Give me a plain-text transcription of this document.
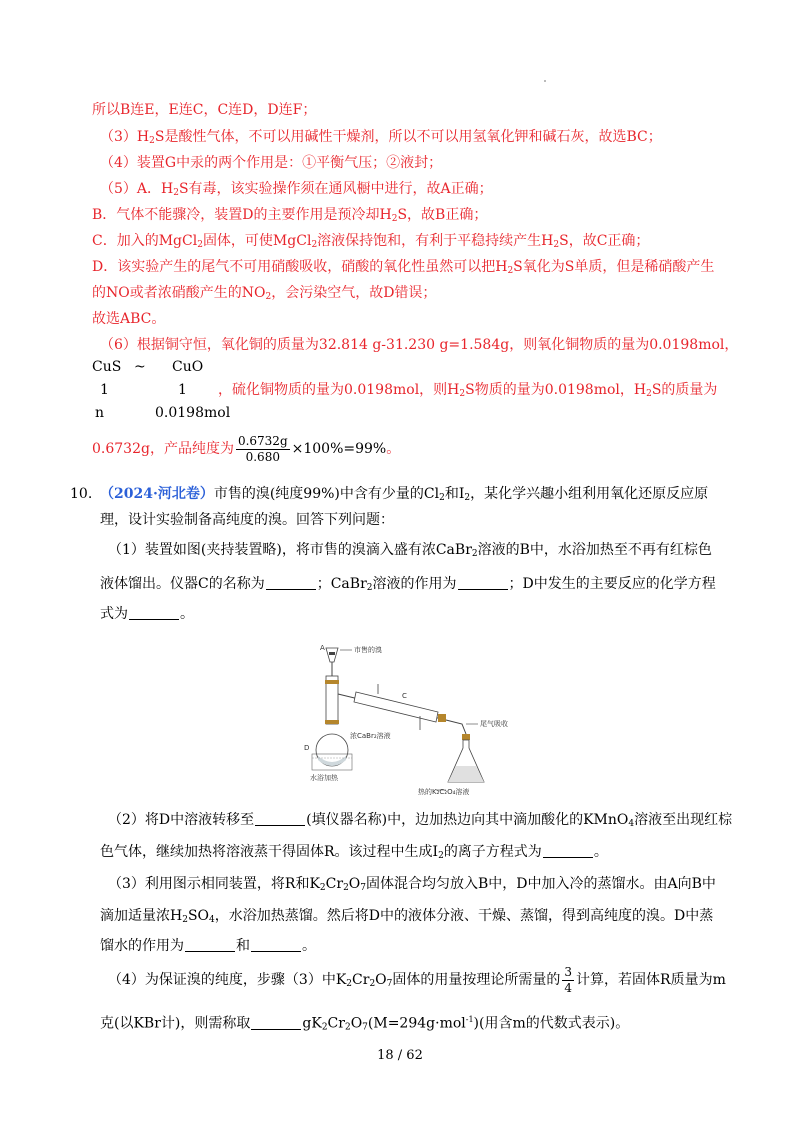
所以B连E，E连C，C连D，D连F；
$(3)H_2S$是酸性气体，不可以用碱性干燥剂，所以不可以用氢氧化钾和碱石灰，故选BC；
（4）装置G中汞的两个作用是：①平衡气压；②液封；
（5）A．$H_2S$有毒，该实验操作须在通风橱中进行，故A正确；
B．气体不能骤冷，装置D的主要作用是预冷却$H_2S$，故B正确；
C．加入的MgCl$_2$固体，可使MgCl$_2$溶液保持饱和，有利于平稳持续产生$H_2S$，故C正确；
D．该实验产生的尾气不可用硝酸吸收，硝酸的氧化性虽然可以把$H_2S$氧化为S单质，但是稀硝酸产生
的NO或者浓硝酸产生的$NO_2$，会污染空气，故D错误；
故选ABC。
（6）根据铜守恒，氧化铜的质量为32.814 g-31.230 g=1.584g，则氧化铜物质的量为0.0198mol，
CuS ~ CuO
1	1 ，硫化铜物质的量为0.0198mol，则$H_2S$物质的量为0.0198mol，$H_2S$的质量为
n	0.0198mol
0.6732g，产品纯度为 $\frac{0.6732g}{0.680} \times 100\%=99\%$。
10. （2024·河北卷）市售的溴(纯度99%)中含有少量的$Cl_2$和$I_2$，某化学兴趣小组利用氧化还原反应原
理，设计实验制备高纯度的溴。回答下列问题：
（1）装置如图(夹持装置略)，将市售的溴滴入盛有浓CaBr$_2$溶液的B中，水浴加热至不再有红棕色
液体馏出。仪器C的名称为	；CaBr$_2$溶液的作用为	；D中发生的主要反应的化学方程
式为	。
A	市售的溴
D
浓CaBr₂溶液
水浴加热
C
尾气吸收
热的K₂C₂O₄溶液
（2）将D中溶液转移至	(填仪器名称)中，边加热边向其中滴加酸化的KMnO$_4$溶液至出现红棕
色气体，继续加热将溶液蒸干得固体R。该过程中生成$I_2$的离子方程式为	。
（3）利用图示相同装置，将R和$K_2Cr_2O_7$固体混合均匀放入B中，D中加入冷的蒸馏水。由A向B中
滴加适量浓$H_2SO_4$，水浴加热蒸馏。然后将D中的液体分液、干燥、蒸馏，得到高纯度的溴。D中蒸
馏水的作用为	和	。
（4）为保证溴的纯度，步骤（3）中$K_2Cr_2O_7$固体的用量按理论所需量的 $\frac{3}{4}$ 计算，若固体R质量为m
克(以KBr计)，则需称取	$gK_2Cr_2O_7(M=294g\cdot mol^{-1})$(用含m的代数式表示)。
18 / 62
